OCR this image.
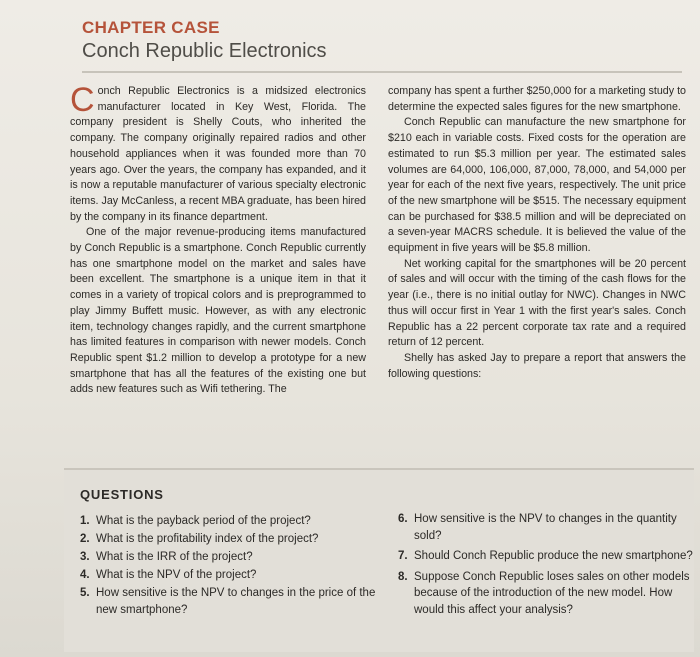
CHAPTER CASE
Conch Republic Electronics

Conch Republic Electronics is a midsized electronics manufacturer located in Key West, Florida. The company president is Shelly Couts, who inherited the company. The company originally repaired radios and other household appliances when it was founded more than 70 years ago. Over the years, the company has expanded, and it is now a reputable manufacturer of various specialty electronic items. Jay McCanless, a recent MBA graduate, has been hired by the company in its finance department.

One of the major revenue-producing items manufactured by Conch Republic is a smartphone. Conch Republic currently has one smartphone model on the market and sales have been excellent. The smartphone is a unique item in that it comes in a variety of tropical colors and is preprogrammed to play Jimmy Buffett music. However, as with any electronic item, technology changes rapidly, and the current smartphone has limited features in comparison with newer models. Conch Republic spent $1.2 million to develop a prototype for a new smartphone that has all the features of the existing one but adds new features such as Wifi tethering. The

company has spent a further $250,000 for a marketing study to determine the expected sales figures for the new smartphone.

Conch Republic can manufacture the new smartphone for $210 each in variable costs. Fixed costs for the operation are estimated to run $5.3 million per year. The estimated sales volumes are 64,000, 106,000, 87,000, 78,000, and 54,000 per year for each of the next five years, respectively. The unit price of the new smartphone will be $515. The necessary equipment can be purchased for $38.5 million and will be depreciated on a seven-year MACRS schedule. It is believed the value of the equipment in five years will be $5.8 million.

Net working capital for the smartphones will be 20 percent of sales and will occur with the timing of the cash flows for the year (i.e., there is no initial outlay for NWC). Changes in NWC thus will occur first in Year 1 with the first year's sales. Conch Republic has a 22 percent corporate tax rate and a required return of 12 percent.

Shelly has asked Jay to prepare a report that answers the following questions:

QUESTIONS
1. What is the payback period of the project?
2. What is the profitability index of the project?
3. What is the IRR of the project?
4. What is the NPV of the project?
5. How sensitive is the NPV to changes in the price of the new smartphone?
6. How sensitive is the NPV to changes in the quantity sold?
7. Should Conch Republic produce the new smartphone?
8. Suppose Conch Republic loses sales on other models because of the introduction of the new model. How would this affect your analysis?
